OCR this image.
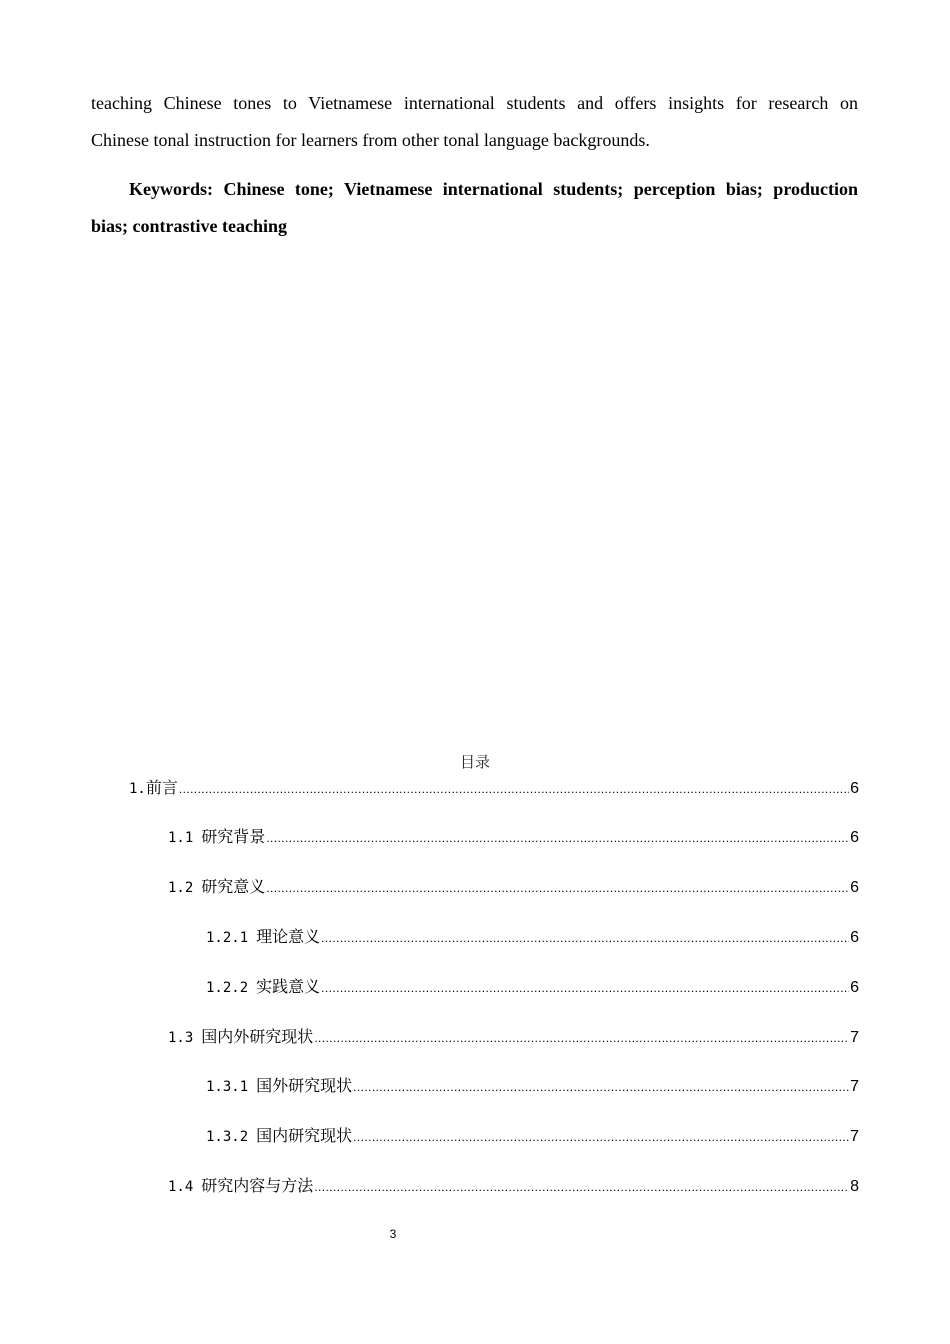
teaching Chinese tones to Vietnamese international students and offers insights for research on
Chinese tonal instruction for learners from other tonal language backgrounds.
Keywords: Chinese tone; Vietnamese international students; perception bias; production
bias; contrastive teaching
目录
1. 前言 .....	6
1.1 研究背景 .....	6
1.2 研究意义 .....	6
1.2.1 理论意义 .....	6
1.2.2 实践意义 .....	6
1.3 国内外研究现状 .....	7
1.3.1 国外研究现状 .....	7
1.3.2 国内研究现状 .....	7
1.4 研究内容与方法 .....	8
3
